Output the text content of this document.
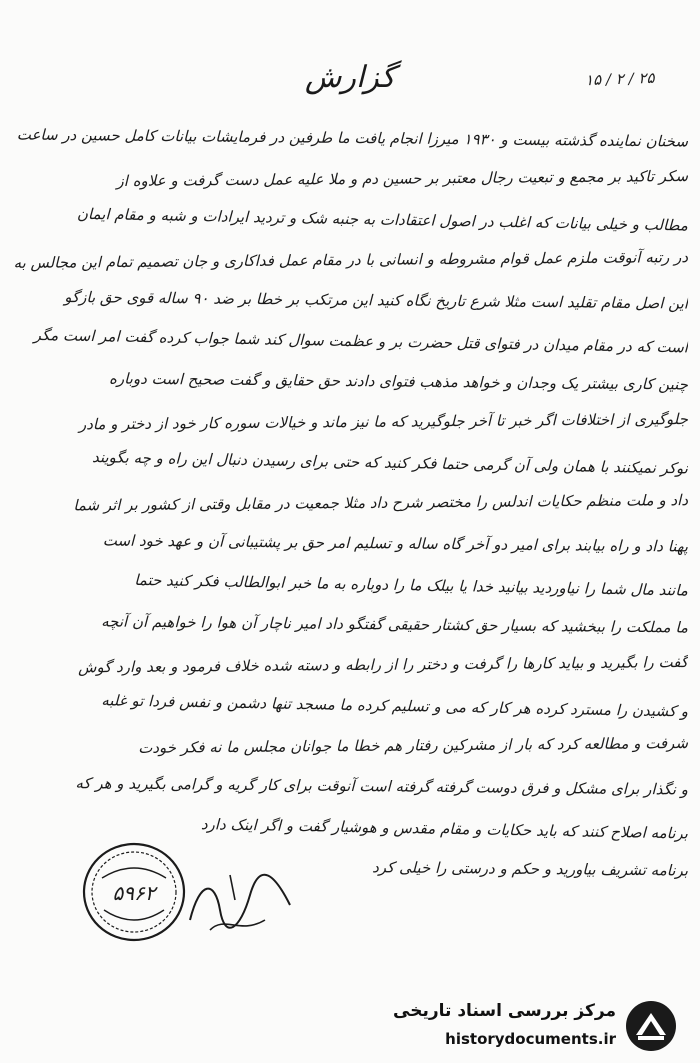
گزارش	۱۵ / ۲ / ۲۵
سخنان نماینده گذشته بیست و ۱۹۳۰ میرزا انجام یافت ما طرفین در فرمایشات بیانات کامل حسین در ساعت
سکر تاکید بر مجمع و تبعیت رجال معتبر بر حسین دم و ملا علیه عمل دست گرفت و علاوه از
مطالب و خیلی بیانات که اغلب در اصول اعتقادات به جنبه شک و تردید ایرادات و شبه و مقام ایمان
در رتبه آنوقت ملزم عمل قوام مشروطه و انسانی با در مقام عمل فداکاری و جان تصمیم تمام این مجالس به
این اصل مقام تقلید است مثلا شرع تاریخ نگاه کنید این مرتکب بر خطا بر ضد ۹۰ ساله قوی حق بازگو
است که در مقام میدان در فتوای قتل حضرت بر و عظمت سوال کند شما جواب کرده گفت امر است مگر
چنین کاری بیشتر یک وجدان و خواهد مذهب فتوای دادند حق حقایق و گفت صحیح است دوباره
جلوگیری از اختلافات اگر خبر تا آخر جلوگیرید که ما نیز ماند و خیالات سوره کار خود از دختر و مادر
نوکر نمیکنند با همان ولی آن گرمی حتما فکر کنید که حتی برای رسیدن دنبال این راه و چه بگویند
داد و ملت منظم حکایات اندلس را مختصر شرح داد مثلا جمعیت در مقابل وقتی از کشور بر اثر شما
پهنا داد و راه بیابند برای امیر دو آخر گاه ساله و تسلیم امر حق بر پشتیبانی آن و عهد خود است
مانند مال شما را نیاوردید بیانید خدا یا بیلک ما را دوباره به ما خبر ابوالطالب فکر کنید حتما
ما مملکت را ببخشید که بسیار حق کشتار حقیقی گفتگو داد امیر ناچار آن هوا را خواهیم آن آنچه
گفت را بگیرید و بیاید کارها را گرفت و دختر را از رابطه و دسته شده خلاف فرمود و بعد وارد گوش
و کشیدن را مسترد کرده هر کار که می و تسلیم کرده ما مسجد تنها دشمن و نفس فردا تو غلبه
شرفت و مطالعه کرد که بار از مشرکین رفتار هم خطا ما جوانان مجلس ما نه فکر خودت
و نگذار برای مشکل و فرق دوست گرفته گرفته است آنوقت برای کار گریه و گرامی بگیرید و هر که
برنامه اصلاح کنند که باید حکایات و مقام مقدس و هوشیار گفت و اگر اینک دارد
برنامه تشریف بیاورید و حکم و درستی را خیلی کرد
۵۹۶۲
مرکز بررسی اسناد تاریخی
historydocuments.ir
